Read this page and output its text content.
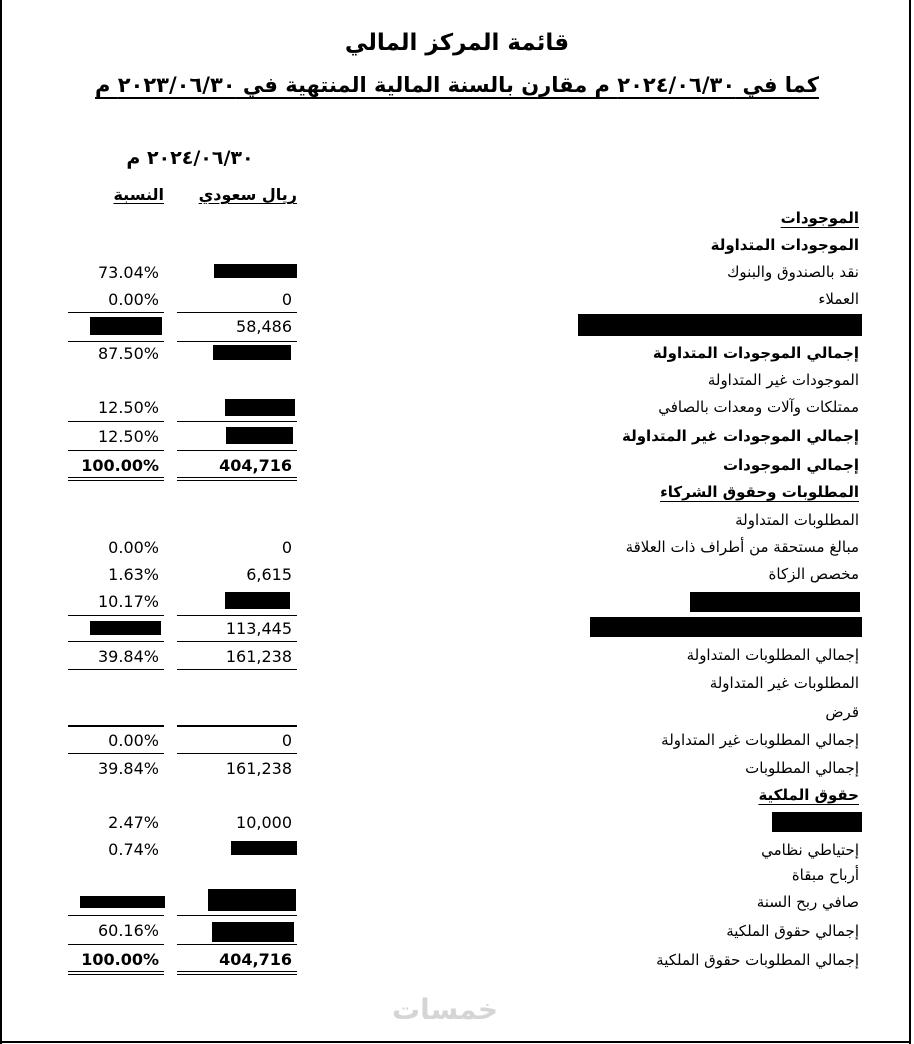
قائمة المركز المالي
كما في ٢٠٢٤/٠٦/٣٠ م مقارن بالسنة المالية المنتهية في ٢٠٢٣/٠٦/٣٠ م
٢٠٢٤/٠٦/٣٠ م
ريال سعودي
النسبة
الموجودات
الموجودات المتداولة
نقد بالصندوق والبنوك
العملاء
إجمالي الموجودات المتداولة
الموجودات غير المتداولة
ممتلكات وآلات ومعدات بالصافي
إجمالي الموجودات غير المتداولة
إجمالي الموجودات
المطلوبات وحقوق الشركاء
المطلوبات المتداولة
مبالغ مستحقة من أطراف ذات العلاقة
مخصص الزكاة
إجمالي المطلوبات المتداولة
المطلوبات غير المتداولة
قرض
إجمالي المطلوبات غير المتداولة
إجمالي المطلوبات
حقوق الملكية
إحتياطي نظامي
أرباح مبقاة
صافي ربح السنة
إجمالي حقوق الملكية
إجمالي المطلوبات حقوق الملكية
73.04%
0.00%
87.50%
12.50%
12.50%
100.00%
0.00%
1.63%
10.17%
39.84%
0.00%
39.84%
2.47%
0.74%
60.16%
100.00%
0
58,486
404,716
0
6,615
113,445
161,238
0
161,238
10,000
404,716
خمسات
